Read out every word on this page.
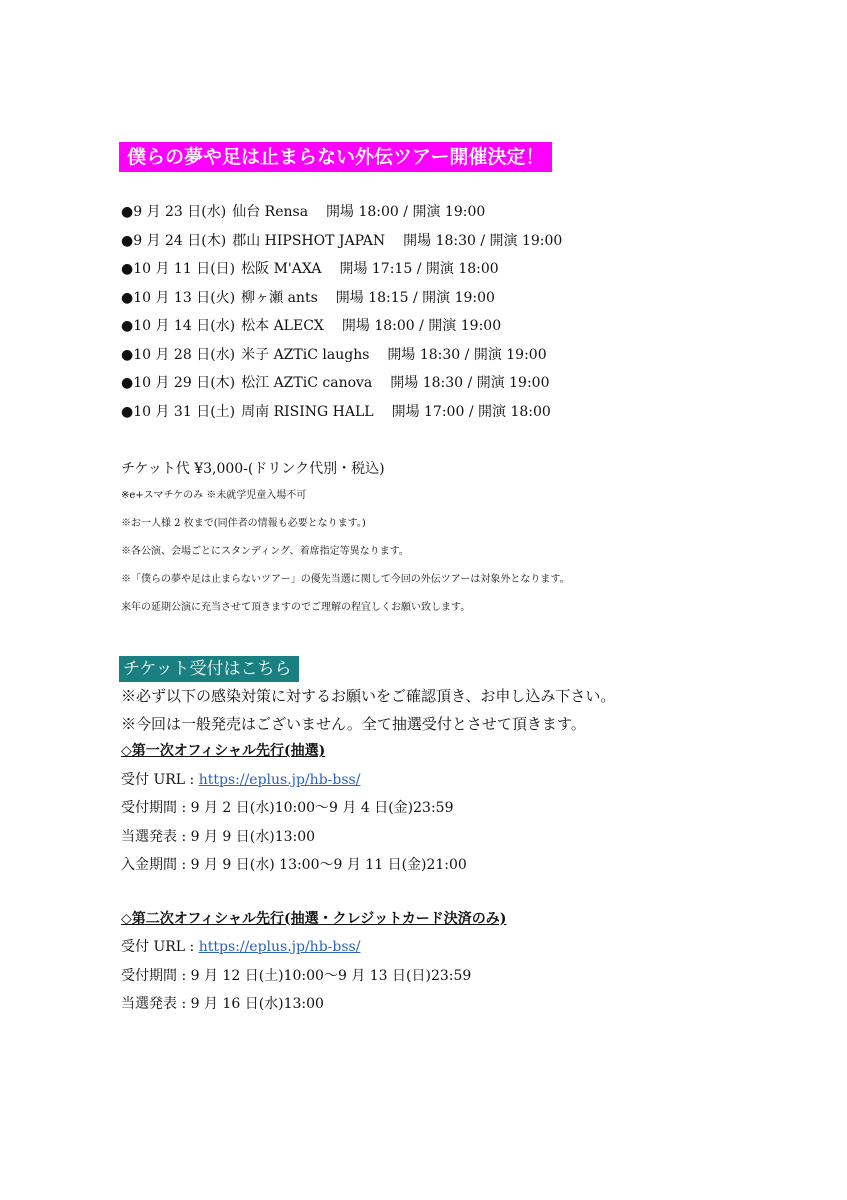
僕らの夢や足は止まらない外伝ツアー開催決定！
●9 月 23 日(水) 仙台 Rensa 開場 18:00 / 開演 19:00
●9 月 24 日(木) 郡山 HIPSHOT JAPAN 開場 18:30 / 開演 19:00
●10 月 11 日(日) 松阪 M'AXA 開場 17:15 / 開演 18:00
●10 月 13 日(火) 柳ヶ瀬 ants 開場 18:15 / 開演 19:00
●10 月 14 日(水) 松本 ALECX 開場 18:00 / 開演 19:00
●10 月 28 日(水) 米子 AZTiC laughs 開場 18:30 / 開演 19:00
●10 月 29 日(木) 松江 AZTiC canova 開場 18:30 / 開演 19:00
●10 月 31 日(土) 周南 RISING HALL 開場 17:00 / 開演 18:00
チケット代 ¥3,000-(ドリンク代別・税込)
※e+スマチケのみ ※未就学児童入場不可
※お一人様 2 枚まで(同伴者の情報も必要となります。)
※各公演、会場ごとにスタンディング、着席指定等異なります。
※「僕らの夢や足は止まらないツアー」の優先当選に関して今回の外伝ツアーは対象外となります。
来年の延期公演に充当させて頂きますのでご理解の程宜しくお願い致します。
チケット受付はこちら
※必ず以下の感染対策に対するお願いをご確認頂き、お申し込み下さい。
※今回は一般発売はございません。全て抽選受付とさせて頂きます。
◇第一次オフィシャル先行(抽選)
受付 URL : https://eplus.jp/hb-bss/
受付期間 : 9 月 2 日(水)10:00〜9 月 4 日(金)23:59
当選発表 : 9 月 9 日(水)13:00
入金期間 : 9 月 9 日(水) 13:00〜9 月 11 日(金)21:00
◇第二次オフィシャル先行(抽選・クレジットカード決済のみ)
受付 URL : https://eplus.jp/hb-bss/
受付期間 : 9 月 12 日(土)10:00〜9 月 13 日(日)23:59
当選発表 : 9 月 16 日(水)13:00
